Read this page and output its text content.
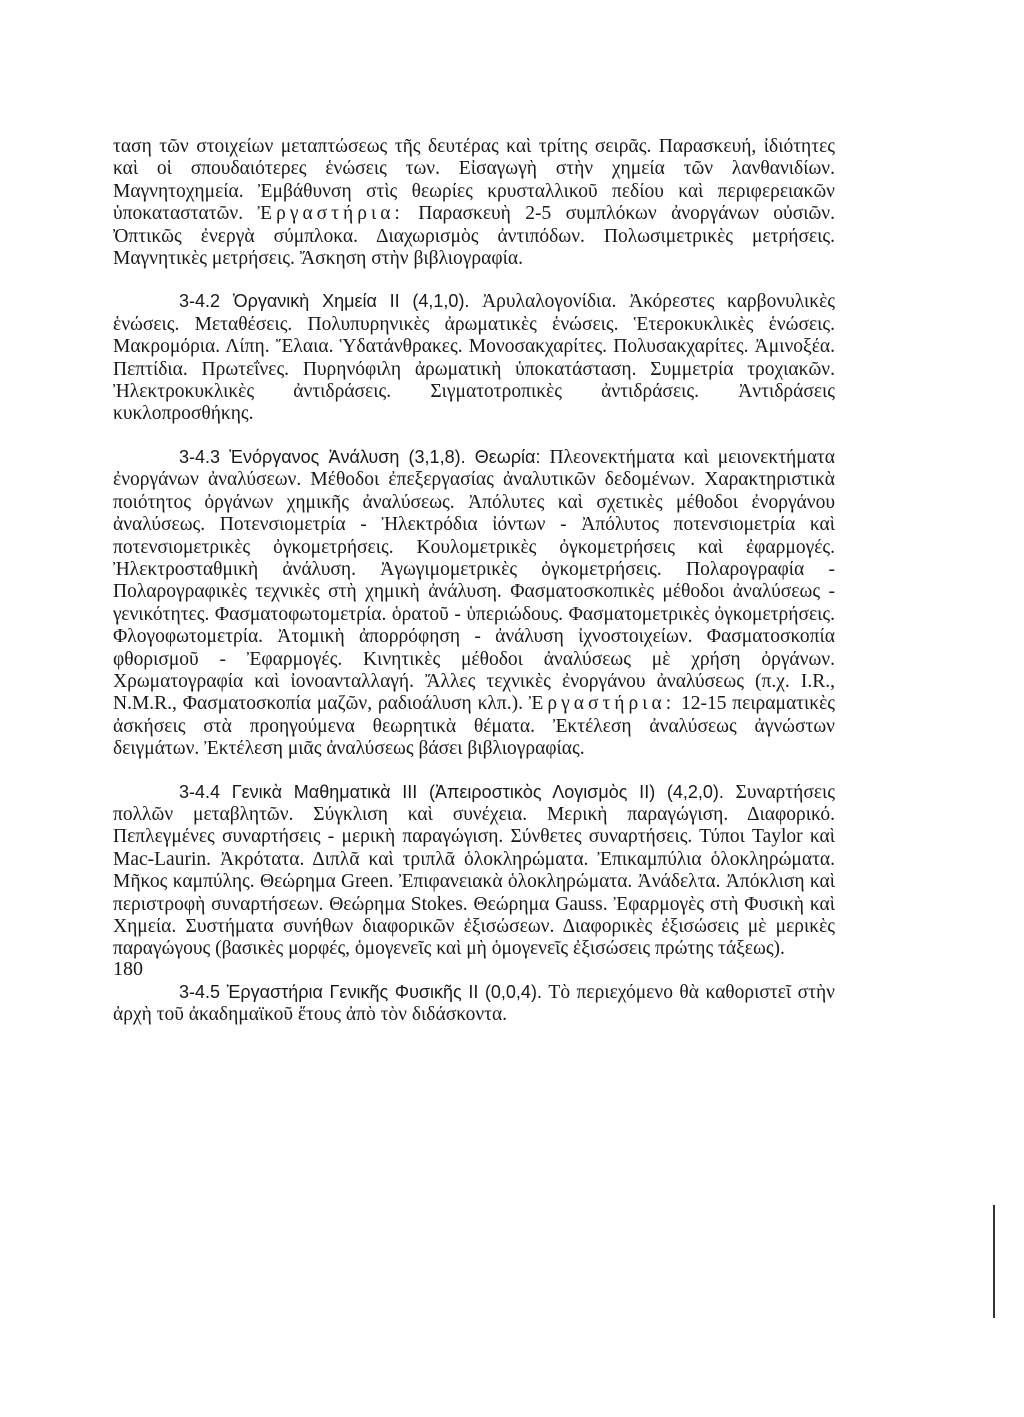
ταση τῶν στοιχείων μεταπτώσεως τῆς δευτέρας καὶ τρίτης σειρᾶς. Παρασκευή, ἰδιότητες καὶ οἱ σπουδαιότερες ἑνώσεις των. Εἰσαγωγὴ στὴν χημεία τῶν λανθανιδίων. Μαγνητοχημεία. Ἐμβάθυνση στὶς θεωρίες κρυσταλλικοῦ πεδίου καὶ περιφερειακῶν ὑποκαταστατῶν. Ἐργαστήρια: Παρασκευὴ 2-5 συμπλόκων ἀνοργάνων οὐσιῶν. Ὀπτικῶς ἐνεργὰ σύμπλοκα. Διαχωρισμὸς ἀντιπόδων. Πολωσιμετρικὲς μετρήσεις. Μαγνητικὲς μετρήσεις. Ἄσκηση στὴν βιβλιογραφία.

3-4.2 Ὀργανικὴ Χημεία II (4,1,0). Ἀρυλαλογονίδια. Ἀκόρεστες καρβονυλικὲς ἑνώσεις. Μεταθέσεις. Πολυπυρηνικὲς ἀρωματικὲς ἑνώσεις. Ἑτεροκυκλικὲς ἑνώσεις. Μακρομόρια. Λίπη. Ἔλαια. Ὑδατάνθρακες. Μονοσακχαρίτες. Πολυσακχαρίτες. Ἀμινοξέα. Πεπτίδια. Πρωτεΐνες. Πυρηνόφιλη ἀρωματικὴ ὑποκατάσταση. Συμμετρία τροχιακῶν. Ἠλεκτροκυκλικὲς ἀντιδράσεις. Σιγματοτροπικὲς ἀντιδράσεις. Ἀντιδράσεις κυκλοπροσθήκης.

3-4.3 Ἐνόργανος Ἀνάλυση (3,1,8). Θεωρία: Πλεονεκτήματα καὶ μειονεκτήματα ἐνοργάνων ἀναλύσεων. Μέθοδοι ἐπεξεργασίας ἀναλυτικῶν δεδομένων. Χαρακτηριστικὰ ποιότητος ὀργάνων χημικῆς ἀναλύσεως. Ἀπόλυτες καὶ σχετικὲς μέθοδοι ἐνοργάνου ἀναλύσεως. Ποτενσιομετρία - Ἠλεκτρόδια ἰόντων - Ἀπόλυτος ποτενσιομετρία καὶ ποτενσιομετρικὲς ὀγκομετρήσεις. Κουλομετρικὲς ὀγκομετρήσεις καὶ ἐφαρμογές. Ἠλεκτροσταθμικὴ ἀνάλυση. Ἀγωγιμομετρικὲς ὀγκομετρήσεις. Πολαρογραφία - Πολαρογραφικὲς τεχνικὲς στὴ χημικὴ ἀνάλυση. Φασματοσκοπικὲς μέθοδοι ἀναλύσεως - γενικότητες. Φασματοφωτομετρία. ὁρατοῦ - ὑπεριώδους. Φασματομετρικὲς ὀγκομετρήσεις. Φλογοφωτομετρία. Ἀτομικὴ ἀπορρόφηση - ἀνάλυση ἰχνοστοιχείων. Φασματοσκοπία φθορισμοῦ - Ἐφαρμογές. Κινητικὲς μέθοδοι ἀναλύσεως μὲ χρήση ὀργάνων. Χρωματογραφία καὶ ἰονοανταλλαγή. Ἄλλες τεχνικὲς ἐνοργάνου ἀναλύσεως (π.χ. I.R., N.M.R., Φασματοσκοπία μαζῶν, ραδιοάλυση κλπ.). Ἐργαστήρια: 12-15 πειραματικὲς ἀσκήσεις στὰ προηγούμενα θεωρητικὰ θέματα. Ἐκτέλεση ἀναλύσεως ἀγνώστων δειγμάτων. Ἐκτέλεση μιᾶς ἀναλύσεως βάσει βιβλιογραφίας.

3-4.4 Γενικὰ Μαθηματικὰ III (Ἀπειροστικὸς Λογισμὸς II) (4,2,0). Συναρτήσεις πολλῶν μεταβλητῶν. Σύγκλιση καὶ συνέχεια. Μερικὴ παραγώγιση. Διαφορικό. Πεπλεγμένες συναρτήσεις - μερικὴ παραγώγιση. Σύνθετες συναρτήσεις. Τύποι Taylor καὶ Mac-Laurin. Ἀκρότατα. Διπλᾶ καὶ τριπλᾶ ὁλοκληρώματα. Ἐπικαμπύλια ὁλοκληρώματα. Μῆκος καμπύλης. Θεώρημα Green. Ἐπιφανειακὰ ὁλοκληρώματα. Ἀνάδελτα. Ἀπόκλιση καὶ περιστροφὴ συναρτήσεων. Θεώρημα Stokes. Θεώρημα Gauss. Ἐφαρμογὲς στὴ Φυσικὴ καὶ Χημεία. Συστήματα συνήθων διαφορικῶν ἐξισώσεων. Διαφορικὲς ἐξισώσεις μὲ μερικὲς παραγώγους (βασικὲς μορφές, ὁμογενεῖς καὶ μὴ ὁμογενεῖς ἐξισώσεις πρώτης τάξεως).

3-4.5 Ἐργαστήρια Γενικῆς Φυσικῆς II (0,0,4). Τὸ περιεχόμενο θὰ καθοριστεῖ στὴν ἀρχὴ τοῦ ἀκαδημαϊκοῦ ἔτους ἀπὸ τὸν διδάσκοντα.

180
